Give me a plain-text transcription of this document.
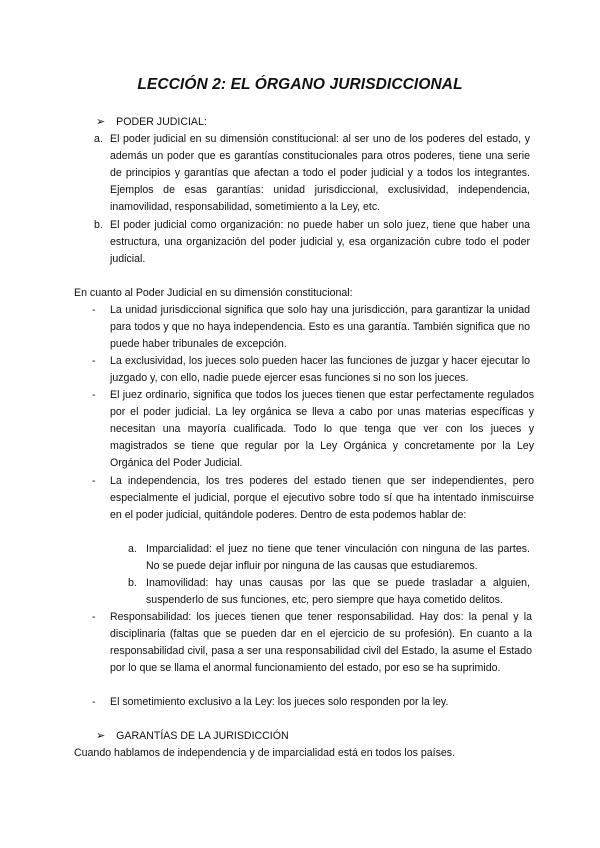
LECCIÓN 2: EL ÓRGANO JURISDICCIONAL
➢ PODER JUDICIAL:
a. El poder judicial en su dimensión constitucional: al ser uno de los poderes del estado, y además un poder que es garantías constitucionales para otros poderes, tiene una serie de principios y garantías que afectan a todo el poder judicial y a todos los integrantes. Ejemplos de esas garantías: unidad jurisdiccional, exclusividad, independencia, inamovilidad, responsabilidad, sometimiento a la Ley, etc.
b. El poder judicial como organización: no puede haber un solo juez, tiene que haber una estructura, una organización del poder judicial y, esa organización cubre todo el poder judicial.
En cuanto al Poder Judicial en su dimensión constitucional:
- La unidad jurisdiccional significa que solo hay una jurisdicción, para garantizar la unidad para todos y que no haya independencia. Esto es una garantía. También significa que no puede haber tribunales de excepción.
- La exclusividad, los jueces solo pueden hacer las funciones de juzgar y hacer ejecutar lo juzgado y, con ello, nadie puede ejercer esas funciones si no son los jueces.
- El juez ordinario, significa que todos los jueces tienen que estar perfectamente regulados por el poder judicial. La ley orgánica se lleva a cabo por unas materias específicas y necesitan una mayoría cualificada. Todo lo que tenga que ver con los jueces y magistrados se tiene que regular por la Ley Orgánica y concretamente por la Ley Orgánica del Poder Judicial.
- La independencia, los tres poderes del estado tienen que ser independientes, pero especialmente el judicial, porque el ejecutivo sobre todo sí que ha intentado inmiscuirse en el poder judicial, quitándole poderes. Dentro de esta podemos hablar de:
a. Imparcialidad: el juez no tiene que tener vinculación con ninguna de las partes. No se puede dejar influir por ninguna de las causas que estudiaremos.
b. Inamovilidad: hay unas causas por las que se puede trasladar a alguien, suspenderlo de sus funciones, etc, pero siempre que haya cometido delitos.
- Responsabilidad: los jueces tienen que tener responsabilidad. Hay dos: la penal y la disciplinaria (faltas que se pueden dar en el ejercicio de su profesión). En cuanto a la responsabilidad civil, pasa a ser una responsabilidad civil del Estado, la asume el Estado por lo que se llama el anormal funcionamiento del estado, por eso se ha suprimido.
- El sometimiento exclusivo a la Ley: los jueces solo responden por la ley.
➢ GARANTÍAS DE LA JURISDICCIÓN
Cuando hablamos de independencia y de imparcialidad está en todos los países.
